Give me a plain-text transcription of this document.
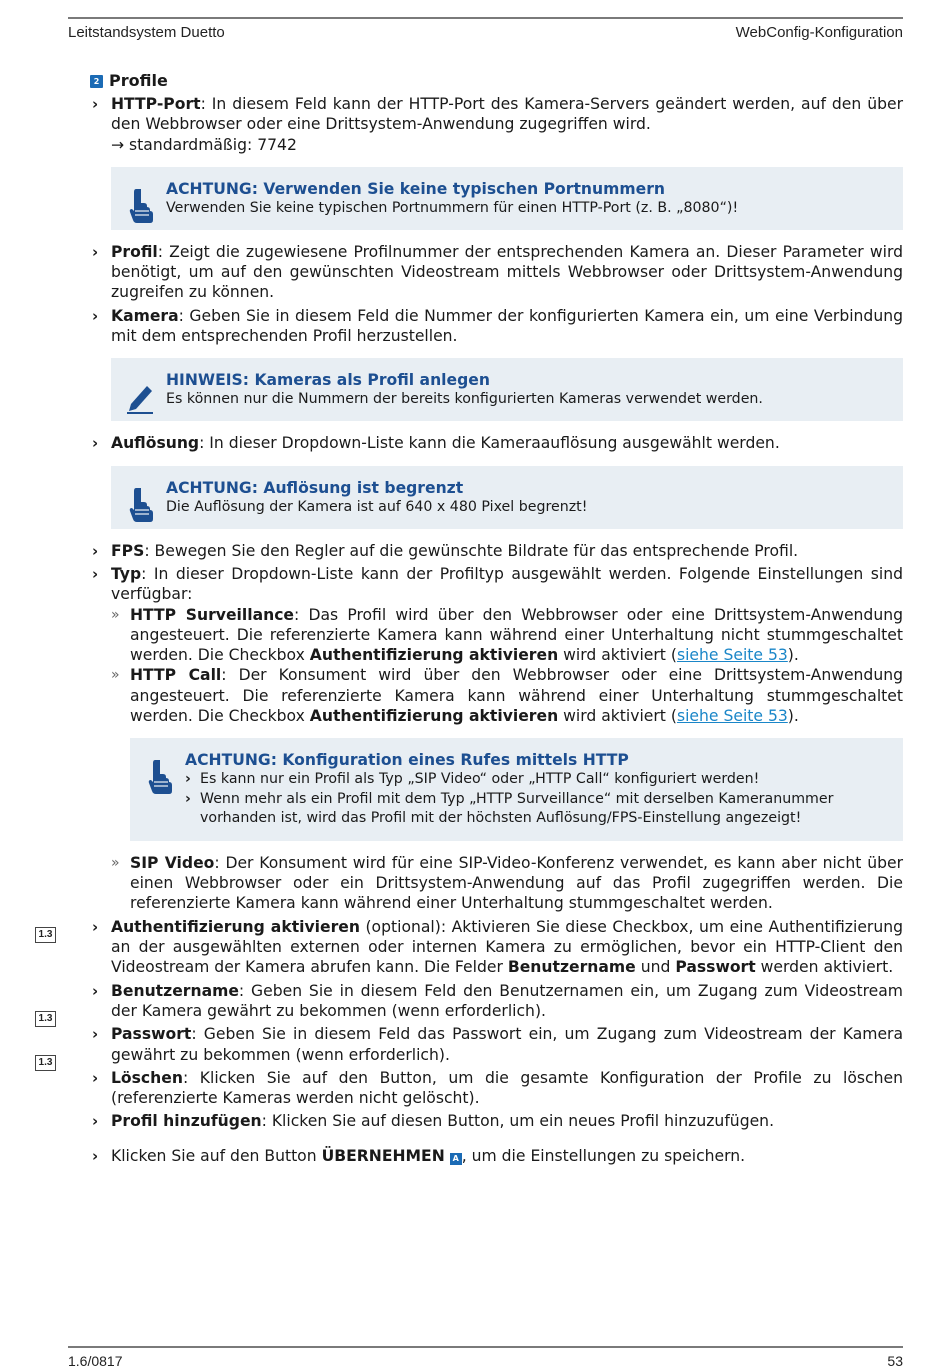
Leitstandsystem Duetto	WebConfig-Konfiguration
1.3
1.3
1.3
2 Profile
› HTTP-Port: In diesem Feld kann der HTTP-Port des Kamera-Servers geändert werden, auf den über den Webbrowser oder eine Drittsystem-Anwendung zugegriffen wird.
→ standardmäßig: 7742
ACHTUNG: Verwenden Sie keine typischen Portnummern
Verwenden Sie keine typischen Portnummern für einen HTTP-Port (z. B. „8080“)!
› Profil: Zeigt die zugewiesene Profilnummer der entsprechenden Kamera an. Dieser Parameter wird benötigt, um auf den gewünschten Videostream mittels Webbrowser oder Drittsystem-Anwendung zugreifen zu können.
› Kamera: Geben Sie in diesem Feld die Nummer der konfigurierten Kamera ein, um eine Verbindung mit dem entsprechenden Profil herzustellen.
HINWEIS: Kameras als Profil anlegen
Es können nur die Nummern der bereits konfigurierten Kameras verwendet werden.
› Auflösung: In dieser Dropdown-Liste kann die Kameraauflösung ausgewählt werden.
ACHTUNG: Auflösung ist begrenzt
Die Auflösung der Kamera ist auf 640 x 480 Pixel begrenzt!
› FPS: Bewegen Sie den Regler auf die gewünschte Bildrate für das entsprechende Profil.
› Typ: In dieser Dropdown-Liste kann der Profiltyp ausgewählt werden. Folgende Einstellungen sind verfügbar:
» HTTP Surveillance: Das Profil wird über den Webbrowser oder eine Drittsystem-Anwendung angesteuert. Die referenzierte Kamera kann während einer Unterhaltung nicht stummgeschaltet werden. Die Checkbox Authentifizierung aktivieren wird aktiviert (siehe Seite 53).
» HTTP Call: Der Konsument wird über den Webbrowser oder eine Drittsystem-Anwendung angesteuert. Die referenzierte Kamera kann während einer Unterhaltung stummgeschaltet werden. Die Checkbox Authentifizierung aktivieren wird aktiviert (siehe Seite 53).
ACHTUNG: Konfiguration eines Rufes mittels HTTP
› Es kann nur ein Profil als Typ „SIP Video“ oder „HTTP Call“ konfiguriert werden!
› Wenn mehr als ein Profil mit dem Typ „HTTP Surveillance“ mit derselben Kameranummer vorhanden ist, wird das Profil mit der höchsten Auflösung/FPS-Einstellung angezeigt!
» SIP Video: Der Konsument wird für eine SIP-Video-Konferenz verwendet, es kann aber nicht über einen Webbrowser oder ein Drittsystem-Anwendung auf das Profil zugegriffen werden. Die referenzierte Kamera kann während einer Unterhaltung stummgeschaltet werden.
› Authentifizierung aktivieren (optional): Aktivieren Sie diese Checkbox, um eine Authentifizierung an der ausgewählten externen oder internen Kamera zu ermöglichen, bevor ein HTTP-Client den Videostream der Kamera abrufen kann. Die Felder Benutzername und Passwort werden aktiviert.
› Benutzername: Geben Sie in diesem Feld den Benutzernamen ein, um Zugang zum Videostream der Kamera gewährt zu bekommen (wenn erforderlich).
› Passwort: Geben Sie in diesem Feld das Passwort ein, um Zugang zum Videostream der Kamera gewährt zu bekommen (wenn erforderlich).
› Löschen: Klicken Sie auf den Button, um die gesamte Konfiguration der Profile zu löschen (referenzierte Kameras werden nicht gelöscht).
› Profil hinzufügen: Klicken Sie auf diesen Button, um ein neues Profil hinzuzufügen.
› Klicken Sie auf den Button ÜBERNEHMEN A , um die Einstellungen zu speichern.
1.6/0817	53
